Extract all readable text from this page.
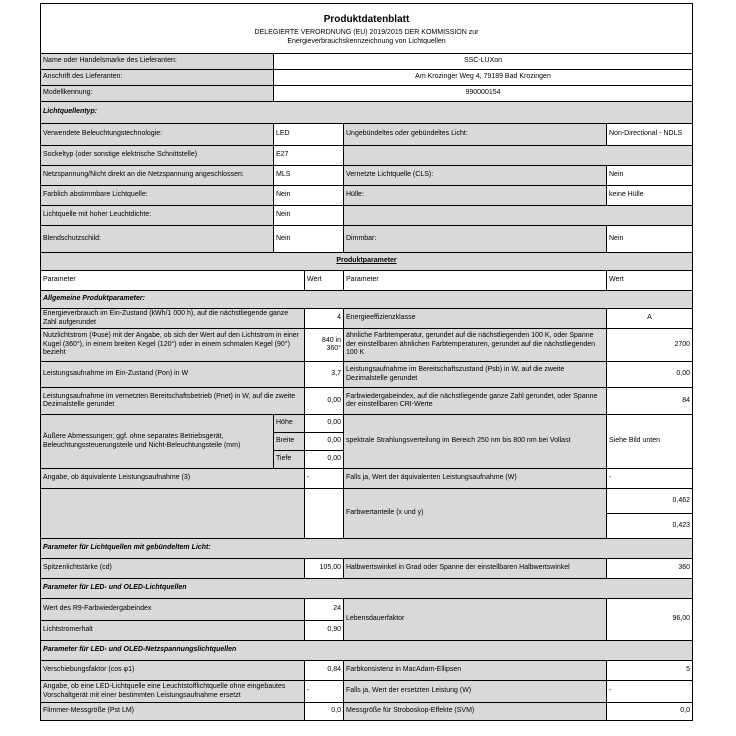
Produktdatenblatt
DELEGIERTE VERORDNUNG (EU) 2019/2015 DER KOMMISSION zur
Energieverbrauchskennzeichnung von Lichtquellen				

Name oder Handelsmarke des Lieferanten:	SSC-LUXon			
Anschrift des Lieferanten:	Am Krozinger Weg 4, 79189 Bad Krozingen			
Modellkennung:	990000154			
Lichtquellentyp:				
Verwendete Beleuchtungstechnologie:	LED		Ungebündeltes oder gebündeltes Licht:	Non-Directional - NDLS
Sockeltyp (oder sonstige elektrische Schnittstelle)	E27			
Netzspannung/Nicht direkt an die Netzspannung angeschlossen:	MLS		Vernetzte Lichtquelle (CLS):	Nein
Farblich abstimmbare Lichtquelle:	Nein		Hülle:	keine Hülle
Lichtquelle mit hoher Leuchtdichte:	Nein			
Blendschutzschild:	Nein		Dimmbar:	Nein
Produktparameter				
Parameter		Wert	Parameter	Wert
Allgemeine Produktparameter:				
Energieverbrauch im Ein-Zustand (kWh/1 000 h), auf die nächstliegende ganze Zahl aufgerundet		4	Energieeffizienzklasse	A
Nutzlichtstrom (Φuse) mit der Angabe, ob sich der Wert auf den Lichtstrom in einer Kugel (360°), in einem breiten Kegel (120°) oder in einem schmalen Kegel (90°) bezieht		840 in 360°	ähnliche Farbtemperatur, gerundet auf die nächstliegenden 100 K, oder Spanne der einstellbaren ähnlichen Farbtemperaturen, gerundet auf die nächstliegenden 100 K	2700
Leistungsaufnahme im Ein-Zustand (Pon) in W		3,7	Leistungsaufnahme im Bereitschaftszustand (Psb) in W, auf die zweite Dezimalstelle gerundet	0,00
Leistungsaufnahme im vernetzten Bereitschaftsbetrieb (Pnet) in W, auf die zweite Dezimalstelle gerundet		0,00	Farbwiedergabeindex, auf die nächstliegende ganze Zahl gerundet, oder Spanne der einstellbaren CRI-Werte	84
Äußere Abmessungen; ggf. ohne separates Betriebsgerät, Beleuchtungssteuerungsteile und Nicht-Beleuchtungsteile (mm)	Höhe	0,00	spektrale Strahlungsverteilung im Bereich 250 nm bis 800 nm bei Vollast	Siehe Bild unten
	Breite	0,00		
	Tiefe	0,00		
Angabe, ob äquivalente Leistungsaufnahme (3)		-	Falls ja, Wert der äquivalenten Leistungsaufnahme (W)	-
			Farbwertanteile (x und y)	0,462
				0,423
Parameter für Lichtquellen mit gebündeltem Licht:				
Spitzenlichtstärke (cd)		105,00	Halbwertswinkel in Grad oder Spanne der einstellbaren Halbwertswinkel	360
Parameter für LED- und OLED-Lichtquellen				
Wert des R9-Farbwiedergabeindex		24	Lebensdauerfaktor	96,00
Lichtstromerhalt		0,90		
Parameter für LED- und OLED-Netzspannungslichtquellen				
Verschiebungsfaktor (cos φ1)		0,84	Farbkonsistenz in MacAdam-Ellipsen	5
Angabe, ob eine LED-Lichtquelle eine Leuchtstofflichtquelle ohne eingebautes Vorschaltgerät mit einer bestimmten Leistungsaufnahme ersetzt		-	Falls ja, Wert der ersetzten Leistung (W)	-
Flimmer-Messgröße (Pst LM)		0,0	Messgröße für Stroboskop-Effekte (SVM)	0,0
